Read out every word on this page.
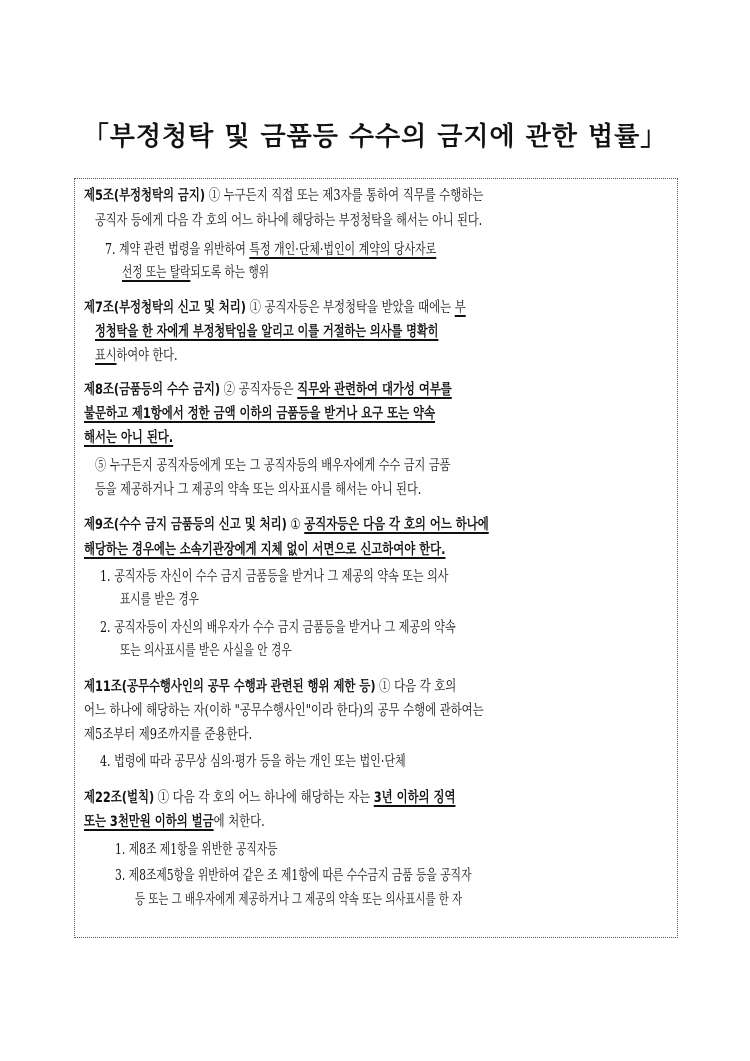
「부정청탁 및 금품등 수수의 금지에 관한 법률」
제5조(부정청탁의 금지) ① 누구든지 직접 또는 제3자를 통하여 직무를 수행하는
공직자 등에게 다음 각 호의 어느 하나에 해당하는 부정청탁을 해서는 아니 된다.
7. 계약 관련 법령을 위반하여 특정 개인·단체·법인이 계약의 당사자로
선정 또는 탈락되도록 하는 행위
제7조(부정청탁의 신고 및 처리) ① 공직자등은 부정청탁을 받았을 때에는 부
정청탁을 한 자에게 부정청탁임을 알리고 이를 거절하는 의사를 명확히
표시하여야 한다.
제8조(금품등의 수수 금지) ② 공직자등은 직무와 관련하여 대가성 여부를
불문하고 제1항에서 정한 금액 이하의 금품등을 받거나 요구 또는 약속
해서는 아니 된다.
⑤ 누구든지 공직자등에게 또는 그 공직자등의 배우자에게 수수 금지 금품
등을 제공하거나 그 제공의 약속 또는 의사표시를 해서는 아니 된다.
제9조(수수 금지 금품등의 신고 및 처리) ① 공직자등은 다음 각 호의 어느 하나에
해당하는 경우에는 소속기관장에게 지체 없이 서면으로 신고하여야 한다.
1. 공직자등 자신이 수수 금지 금품등을 받거나 그 제공의 약속 또는 의사
표시를 받은 경우
2. 공직자등이 자신의 배우자가 수수 금지 금품등을 받거나 그 제공의 약속
또는 의사표시를 받은 사실을 안 경우
제11조(공무수행사인의 공무 수행과 관련된 행위 제한 등) ① 다음 각 호의
어느 하나에 해당하는 자(이하 "공무수행사인"이라 한다)의 공무 수행에 관하여는
제5조부터 제9조까지를 준용한다.
4. 법령에 따라 공무상 심의·평가 등을 하는 개인 또는 법인·단체
제22조(벌칙) ① 다음 각 호의 어느 하나에 해당하는 자는 3년 이하의 징역
또는 3천만원 이하의 벌금에 처한다.
1. 제8조 제1항을 위반한 공직자등
3. 제8조제5항을 위반하여 같은 조 제1항에 따른 수수금지 금품 등을 공직자
등 또는 그 배우자에게 제공하거나 그 제공의 약속 또는 의사표시를 한 자
